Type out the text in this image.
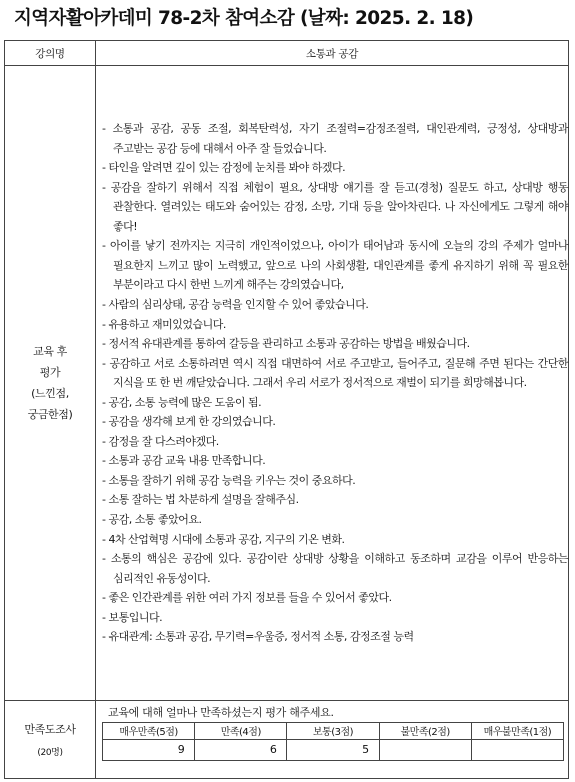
지역자활아카데미 78-2차 참여소감 (날짜: 2025. 2. 18)
강의명	소통과 공감

교육 후
평가
(느낀점,
궁금한점)

- 소통과 공감, 공동 조절, 회복탄력성, 자기 조절력=감정조절력, 대인관계력, 긍정성, 상대방과 주고받는 공감 등에 대해서 아주 잘 들었습니다.
- 타인을 알려면 깊이 있는 감정에 눈치를 봐야 하겠다.
- 공감을 잘하기 위해서 직접 체험이 필요, 상대방 얘기를 잘 듣고(경청) 질문도 하고, 상대방 행동 관찰한다. 열려있는 태도와 숨어있는 감정, 소망, 기대 등을 알아차린다. 나 자신에게도 그렇게 해야 좋다!
- 아이를 낳기 전까지는 지극히 개인적이었으나, 아이가 태어남과 동시에 오늘의 강의 주제가 얼마나 필요한지 느끼고 많이 노력했고, 앞으로 나의 사회생활, 대인관계를 좋게 유지하기 위해 꼭 필요한 부분이라고 다시 한번 느끼게 해주는 강의였습니다,
- 사람의 심리상태, 공감 능력을 인지할 수 있어 좋았습니다.
- 유용하고 재미있었습니다.
- 정서적 유대관계를 통하여 갈등을 관리하고 소통과 공감하는 방법을 배웠습니다.
- 공감하고 서로 소통하려면 역시 직접 대면하여 서로 주고받고, 들어주고, 질문해 주면 된다는 간단한 지식을 또 한 번 깨닫았습니다. 그래서 우리 서로가 정서적으로 재벌이 되기를 희망해봅니다.
- 공감, 소통 능력에 많은 도움이 됨.
- 공감을 생각해 보게 한 강의였습니다.
- 감정을 잘 다스려야겠다.
- 소통과 공감 교육 내용 만족합니다.
- 소통을 잘하기 위해 공감 능력을 키우는 것이 중요하다.
- 소통 잘하는 법 차분하게 설명을 잘해주심.
- 공감, 소통 좋았어요.
- 4차 산업혁명 시대에 소통과 공감, 지구의 기온 변화.
- 소통의 핵심은 공감에 있다. 공감이란 상대방 상황을 이해하고 동조하며 교감을 이루어 반응하는 심리적인 유동성이다.
- 좋은 인간관계를 위한 여러 가지 정보를 들을 수 있어서 좋았다.
- 보통입니다.
- 유대관계: 소통과 공감, 무기력=우울증, 정서적 소통, 감정조절 능력

만족도조사
(20명)

교육에 대해 얼마나 만족하셨는지 평가 해주세요.
매우만족(5점)	만족(4점)	보통(3점)	불만족(2점)	매우불만족(1점)
9	6	5		
